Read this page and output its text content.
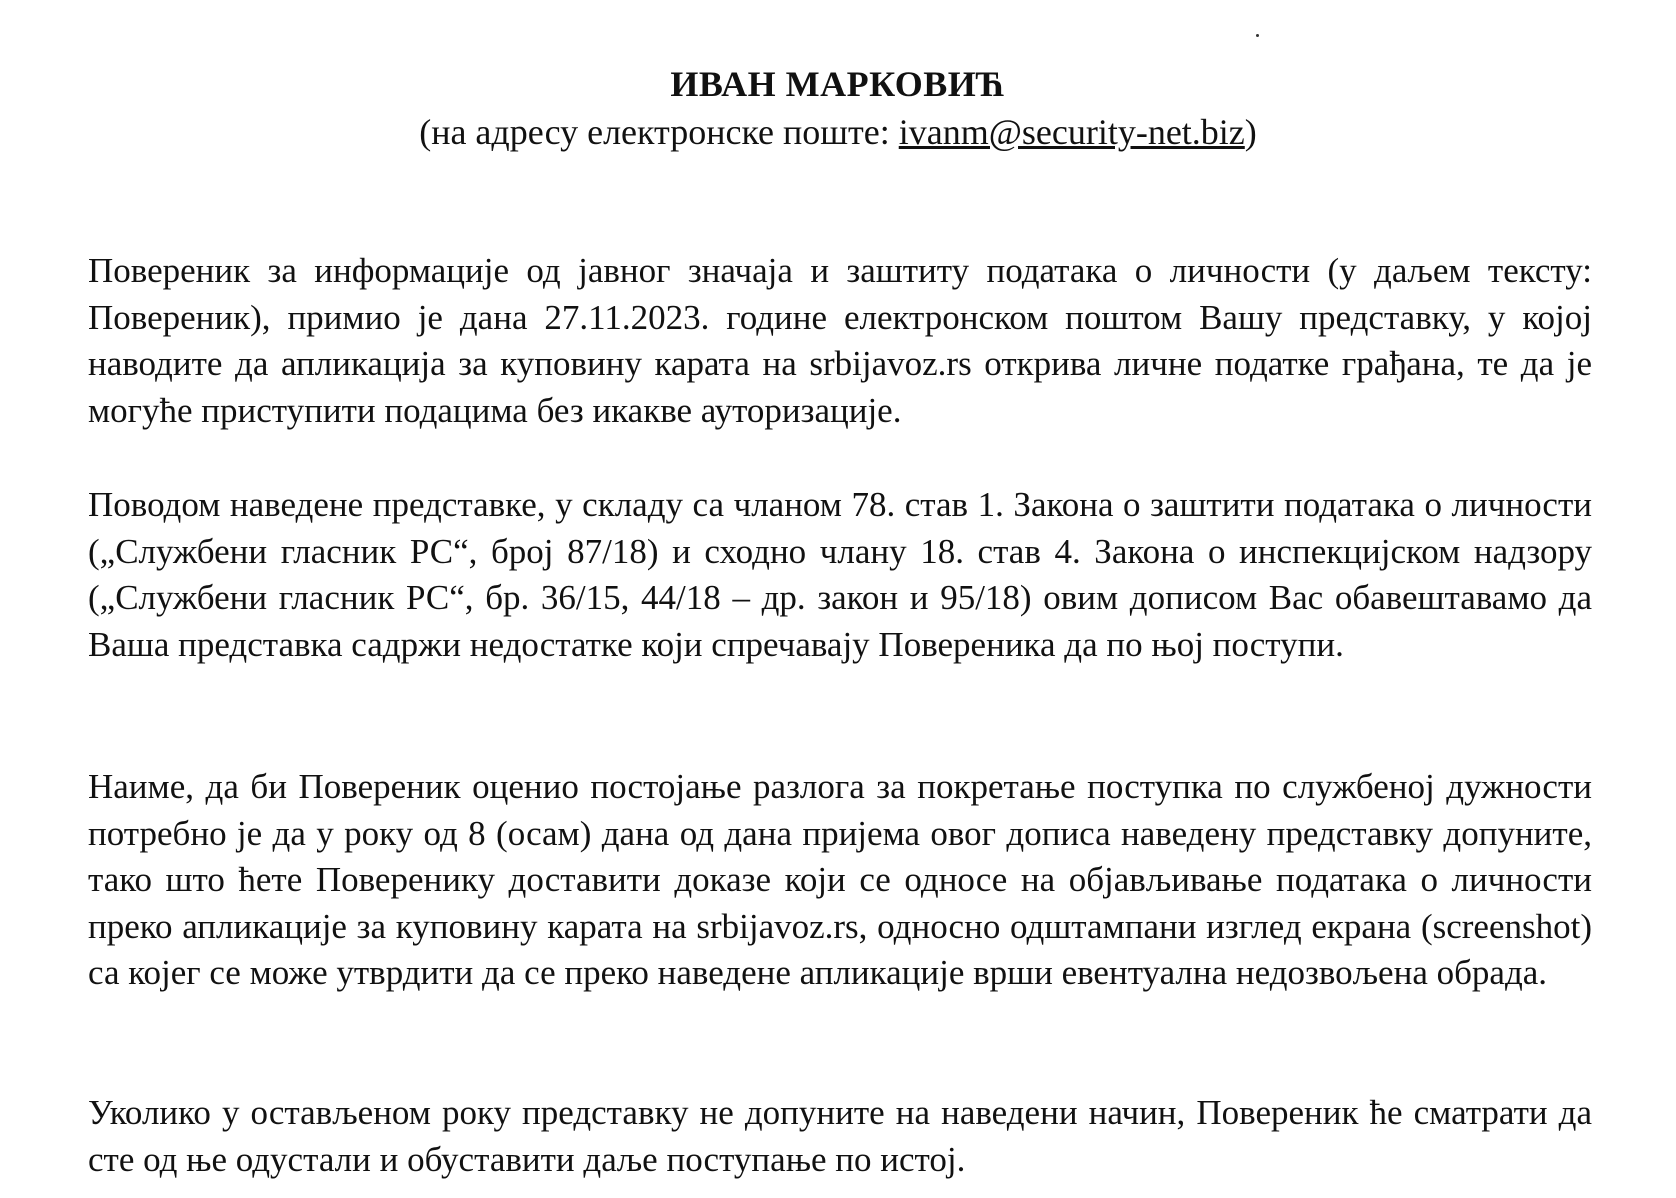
ИВАН МАРКОВИЋ
(на адресу електронске поште: ivanm@security-net.biz)

Повереник за информације од јавног значаја и заштиту података о личности (у даљем тексту: Повереник), примио је дана 27.11.2023. године електронском поштом Вашу представку, у којој наводите да апликација за куповину карата на srbijavoz.rs открива личне податке грађана, те да је могуће приступити подацима без икакве ауторизације.

Поводом наведене представке, у складу са чланом 78. став 1. Закона о заштити података о личности („Службени гласник РС“, број 87/18) и сходно члану 18. став 4. Закона о инспекцијском надзору („Службени гласник РС“, бр. 36/15, 44/18 – др. закон и 95/18) овим дописом Вас обавештавамо да Ваша представка садржи недостатке који спречавају Повереника да по њој поступи.

Наиме, да би Повереник оценио постојање разлога за покретање поступка по службеној дужности потребно је да у року од 8 (осам) дана од дана пријема овог дописа наведену представку допуните, тако што ћете Поверенику доставити доказе који се односе на објављивање података о личности преко апликације за куповину карата на srbijavoz.rs, односно одштампани изглед екрана (screenshot) са којег се може утврдити да се преко наведене апликације врши евентуална недозвољена обрада.

Уколико у остављеном року представку не допуните на наведени начин, Повереник ће сматрати да сте од ње одустали и обуставити даље поступање по истој.
